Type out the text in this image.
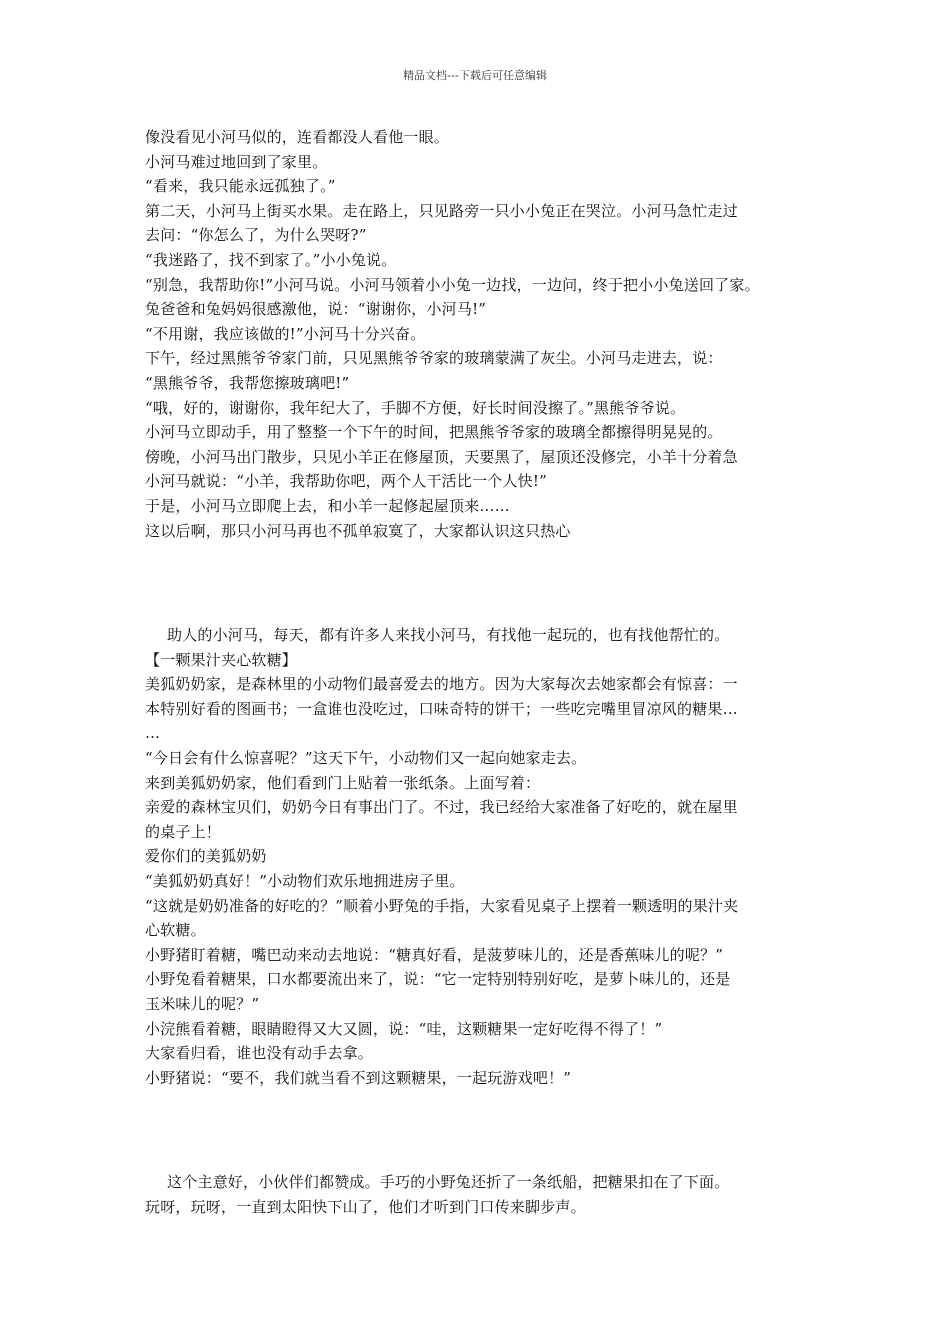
精品文档---下载后可任意编辑
像没看见小河马似的，连看都没人看他一眼。
小河马难过地回到了家里。
“看来，我只能永远孤独了。”
第二天，小河马上街买水果。走在路上，只见路旁一只小小兔正在哭泣。小河马急忙走过
去问：“你怎么了，为什么哭呀?”
“我迷路了，找不到家了。”小小兔说。
“别急，我帮助你!”小河马说。小河马领着小小兔一边找，一边问，终于把小小兔送回了家。
兔爸爸和兔妈妈很感激他，说：“谢谢你，小河马!”
“不用谢，我应该做的!”小河马十分兴奋。
下午，经过黑熊爷爷家门前，只见黑熊爷爷家的玻璃蒙满了灰尘。小河马走进去，说：
“黑熊爷爷，我帮您擦玻璃吧!”
“哦，好的，谢谢你，我年纪大了，手脚不方便，好长时间没擦了。”黑熊爷爷说。
小河马立即动手，用了整整一个下午的时间，把黑熊爷爷家的玻璃全都擦得明晃晃的。
傍晚，小河马出门散步，只见小羊正在修屋顶，天要黑了，屋顶还没修完，小羊十分着急
小河马就说：“小羊，我帮助你吧，两个人干活比一个人快!”
于是，小河马立即爬上去，和小羊一起修起屋顶来……
这以后啊，那只小河马再也不孤单寂寞了，大家都认识这只热心
助人的小河马，每天，都有许多人来找小河马，有找他一起玩的，也有找他帮忙的。
【一颗果汁夹心软糖】
美狐奶奶家，是森林里的小动物们最喜爱去的地方。因为大家每次去她家都会有惊喜：一
本特别好看的图画书；一盒谁也没吃过，口味奇特的饼干；一些吃完嘴里冒凉风的糖果…
…
“今日会有什么惊喜呢？”这天下午，小动物们又一起向她家走去。
来到美狐奶奶家，他们看到门上贴着一张纸条。上面写着：
亲爱的森林宝贝们，奶奶今日有事出门了。不过，我已经给大家准备了好吃的，就在屋里
的桌子上！
爱你们的美狐奶奶
“美狐奶奶真好！”小动物们欢乐地拥进房子里。
“这就是奶奶准备的好吃的？”顺着小野兔的手指，大家看见桌子上摆着一颗透明的果汁夹
心软糖。
小野猪盯着糖，嘴巴动来动去地说：“糖真好看，是菠萝味儿的，还是香蕉味儿的呢？”
小野兔看着糖果，口水都要流出来了，说：“它一定特别特别好吃，是萝卜味儿的，还是
玉米味儿的呢？”
小浣熊看着糖，眼睛瞪得又大又圆，说：“哇，这颗糖果一定好吃得不得了！”
大家看归看，谁也没有动手去拿。
小野猪说：“要不，我们就当看不到这颗糖果，一起玩游戏吧！”
这个主意好，小伙伴们都赞成。手巧的小野兔还折了一条纸船，把糖果扣在了下面。
玩呀，玩呀，一直到太阳快下山了，他们才听到门口传来脚步声。
